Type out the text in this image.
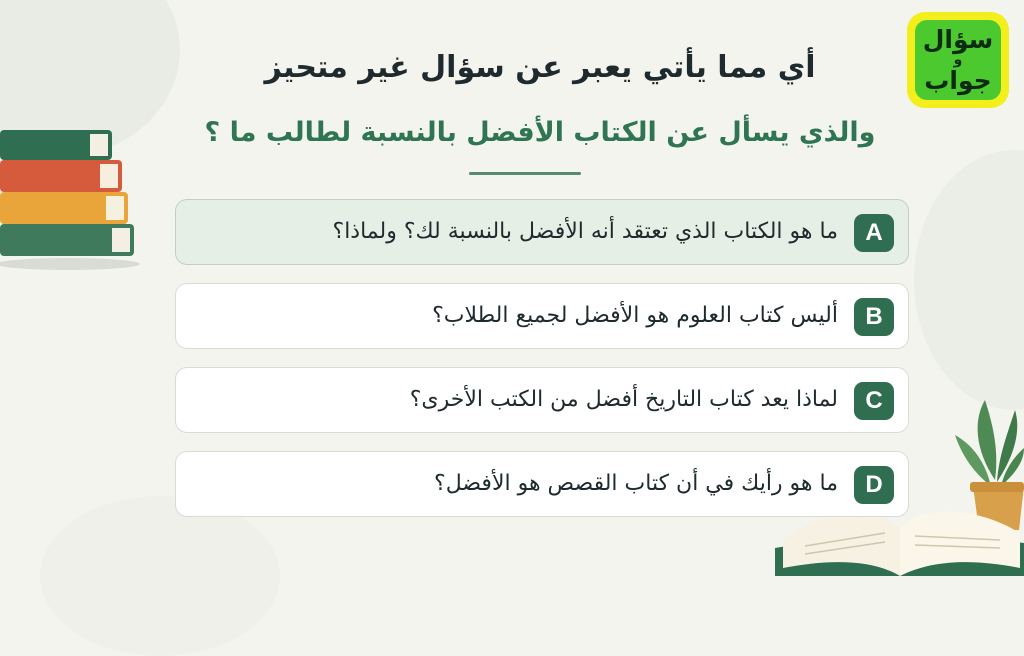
سؤال
و
جواب
أي مما يأتي يعبر عن سؤال غير متحيز
والذي يسأل عن الكتاب الأفضل بالنسبة لطالب ما ؟
A
ما هو الكتاب الذي تعتقد أنه الأفضل بالنسبة لك؟ ولماذا؟
B
أليس كتاب العلوم هو الأفضل لجميع الطلاب؟
C
لماذا يعد كتاب التاريخ أفضل من الكتب الأخرى؟
D
ما هو رأيك في أن كتاب القصص هو الأفضل؟
